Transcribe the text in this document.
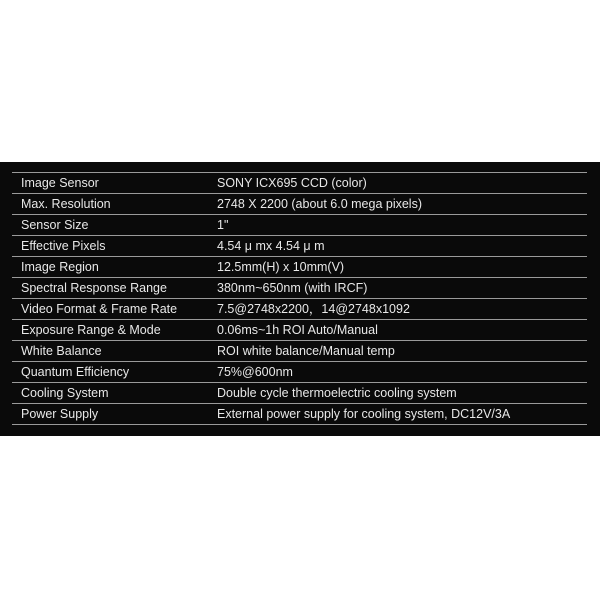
Image Sensor	SONY ICX695 CCD (color)
Max. Resolution	2748 X 2200 (about 6.0 mega pixels)
Sensor Size	1"
Effective Pixels	4.54 μ mx 4.54 μ m
Image Region	12.5mm(H) x 10mm(V)
Spectral Response Range	380nm~650nm (with IRCF)
Video Format & Frame Rate	7.5@2748x2200，14@2748x1092
Exposure Range & Mode	0.06ms~1h ROI Auto/Manual
White Balance	ROI white balance/Manual temp
Quantum Efficiency	75%@600nm
Cooling System	Double cycle thermoelectric cooling system
Power Supply	External power supply for cooling system, DC12V/3A
